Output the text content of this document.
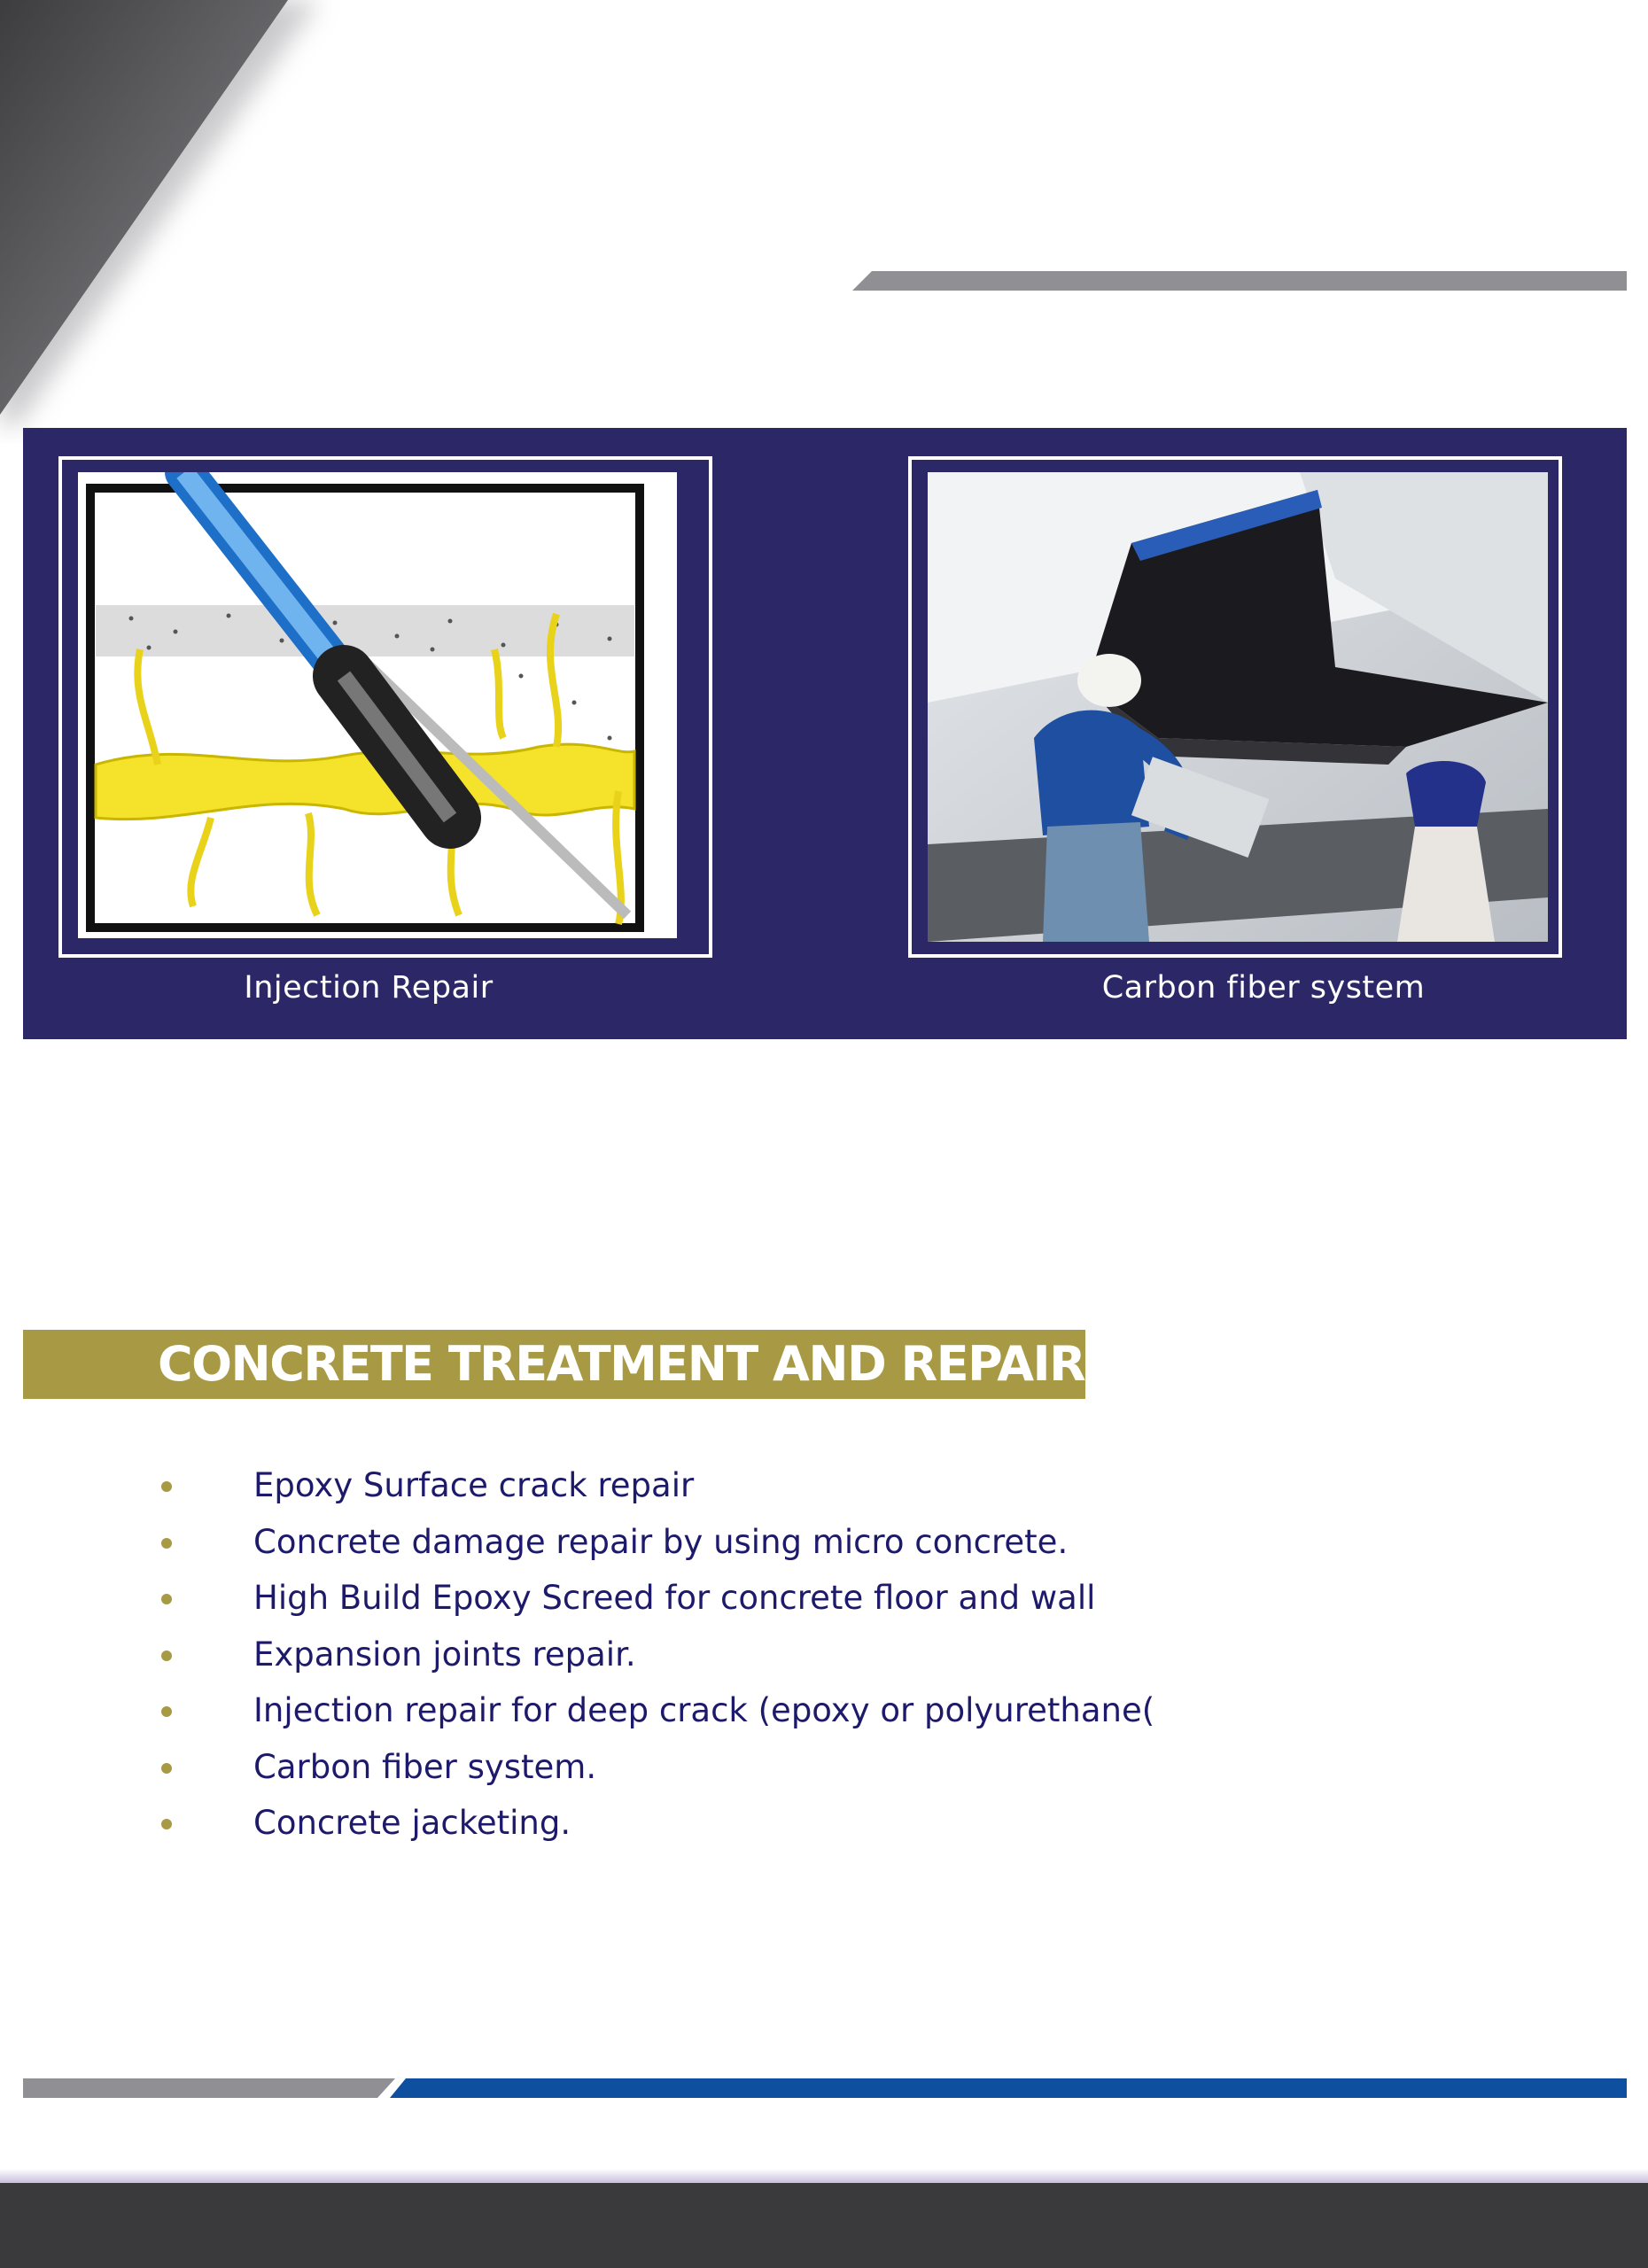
Injection Repair	Carbon fiber system
CONCRETE TREATMENT AND REPAIR
Epoxy Surface crack repair
Concrete damage repair by using micro concrete.
High Build Epoxy Screed for concrete floor and wall
Expansion joints repair.
Injection repair for deep crack (epoxy or polyurethane(
Carbon fiber system.
Concrete jacketing.
